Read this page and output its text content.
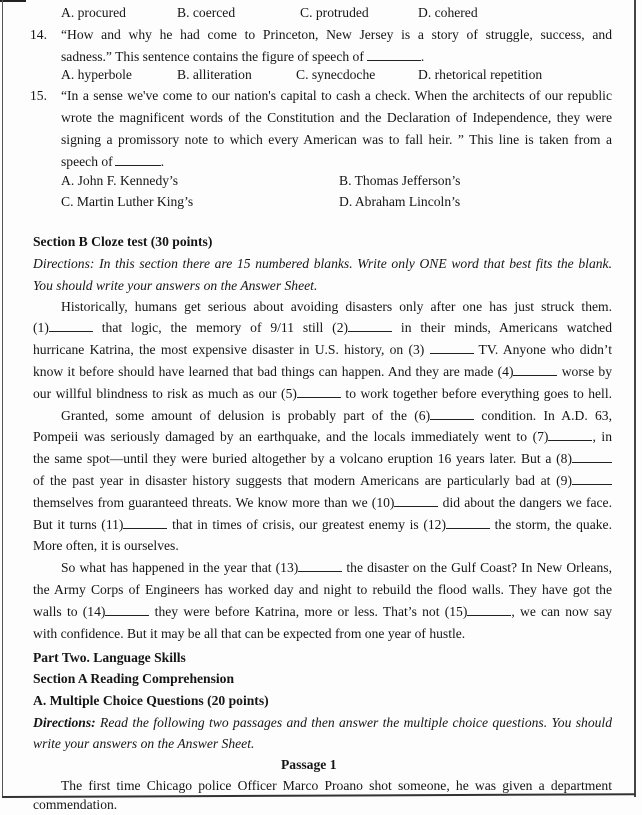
A. procured	B. coerced	C. protruded	D. cohered
14. “How and why he had come to Princeton, New Jersey is a story of struggle, success, and
sadness.” This sentence contains the figure of speech of	.
A. hyperbole	B. alliteration	C. synecdoche	D. rhetorical repetition
15. “In a sense we've come to our nation's capital to cash a check. When the architects of our republic
wrote the magnificent words of the Constitution and the Declaration of Independence, they were
signing a promissory note to which every American was to fall heir. ” This line is taken from a
speech of	.
A. John F. Kennedy’s	B. Thomas Jefferson’s
C. Martin Luther King’s	D. Abraham Lincoln’s
Section B Cloze test (30 points)
Directions: In this section there are 15 numbered blanks. Write only ONE word that best fits the blank.
You should write your answers on the Answer Sheet.
Historically, humans get serious about avoiding disasters only after one has just struck them.
(1)	that logic, the memory of 9/11 still (2)	in their minds, Americans watched
hurricane Katrina, the most expensive disaster in U.S. history, on (3)	TV. Anyone who didn’t
know it before should have learned that bad things can happen. And they are made (4)	worse by
our willful blindness to risk as much as our (5)	to work together before everything goes to hell.
Granted, some amount of delusion is probably part of the (6)	condition. In A.D. 63,
Pompeii was seriously damaged by an earthquake, and the locals immediately went to (7)	, in
the same spot—until they were buried altogether by a volcano eruption 16 years later. But a (8)
of the past year in disaster history suggests that modern Americans are particularly bad at (9)
themselves from guaranteed threats. We know more than we (10)	did about the dangers we face.
But it turns (11)	that in times of crisis, our greatest enemy is (12)	the storm, the quake.
More often, it is ourselves.
So what has happened in the year that (13)	the disaster on the Gulf Coast? In New Orleans,
the Army Corps of Engineers has worked day and night to rebuild the flood walls. They have got the
walls to (14)	they were before Katrina, more or less. That’s not (15)	, we can now say
with confidence. But it may be all that can be expected from one year of hustle.
Part Two. Language Skills
Section A Reading Comprehension
A. Multiple Choice Questions (20 points)
Directions: Read the following two passages and then answer the multiple choice questions. You should
write your answers on the Answer Sheet.
Passage 1
The first time Chicago police Officer Marco Proano shot someone, he was given a department
commendation.
